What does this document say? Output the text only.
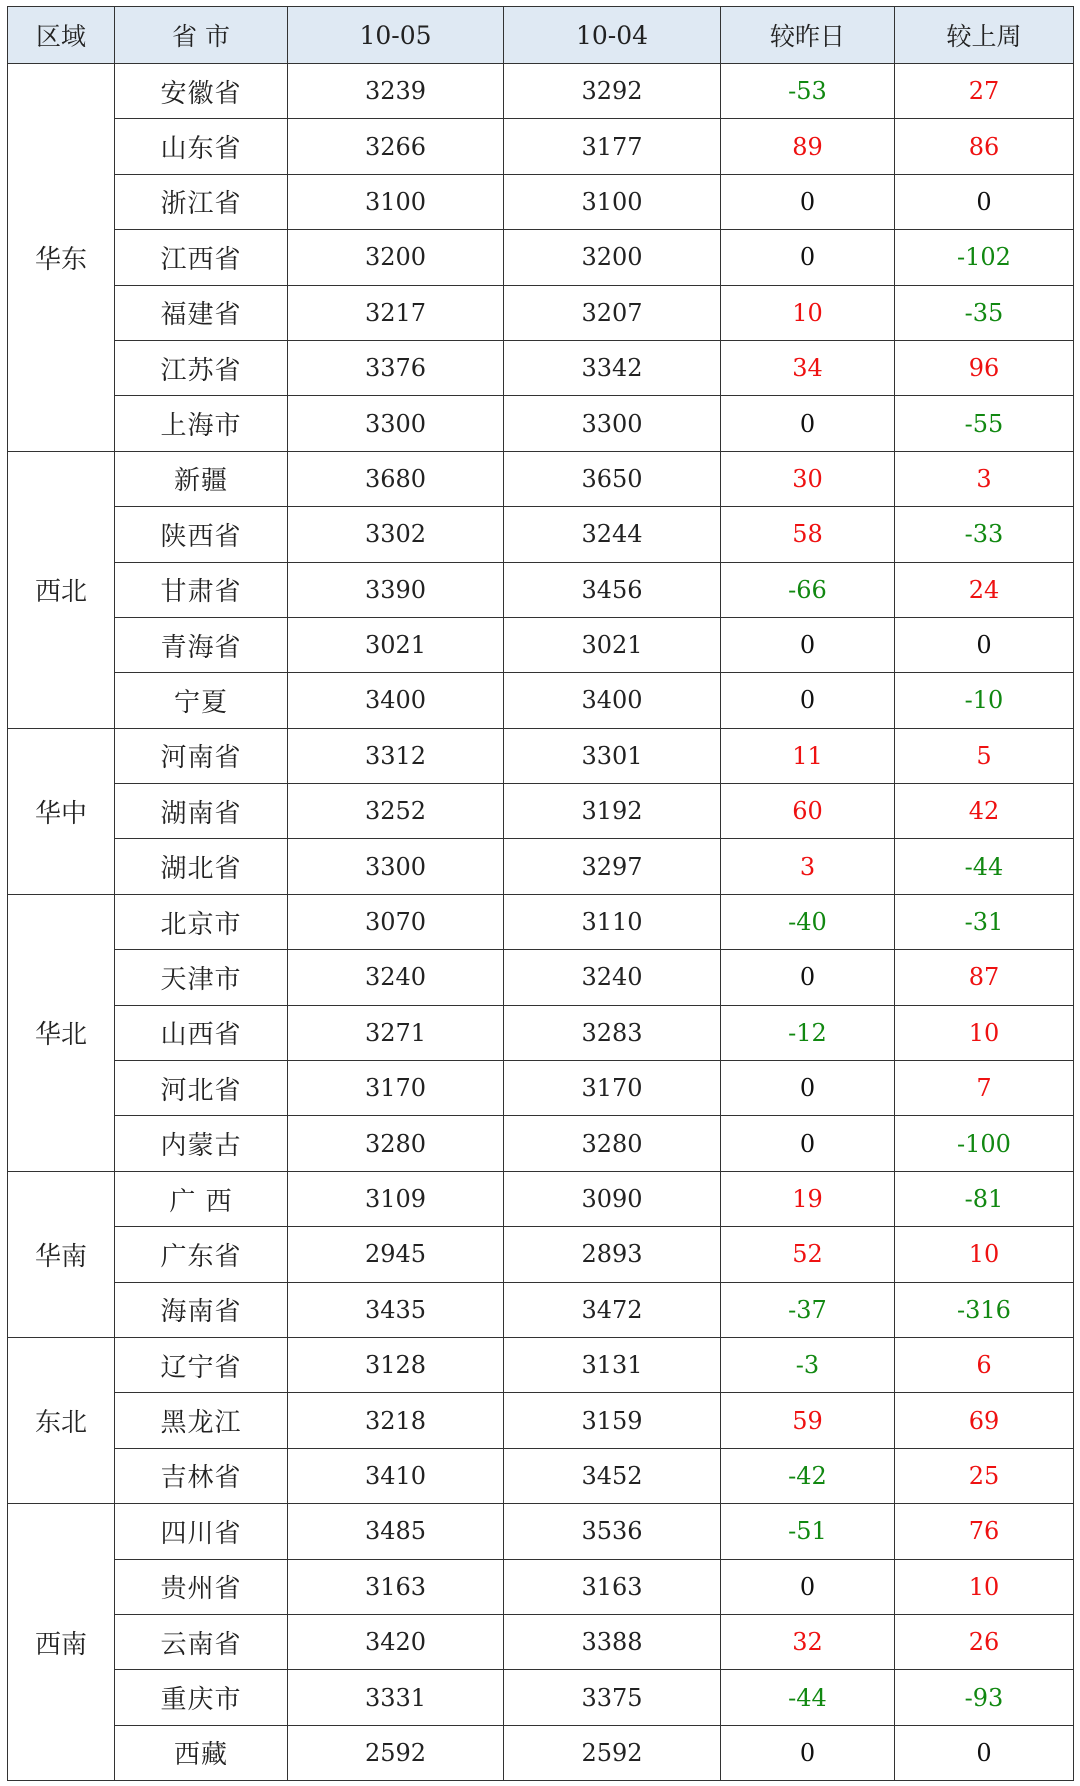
区域	省 市	10-05	10-04	较昨日	较上周
华东	安徽省	3239	3292	-53	27
	山东省	3266	3177	89	86
	浙江省	3100	3100	0	0
	江西省	3200	3200	0	-102
	福建省	3217	3207	10	-35
	江苏省	3376	3342	34	96
	上海市	3300	3300	0	-55
西北	新疆	3680	3650	30	3
	陕西省	3302	3244	58	-33
	甘肃省	3390	3456	-66	24
	青海省	3021	3021	0	0
	宁夏	3400	3400	0	-10
华中	河南省	3312	3301	11	5
	湖南省	3252	3192	60	42
	湖北省	3300	3297	3	-44
华北	北京市	3070	3110	-40	-31
	天津市	3240	3240	0	87
	山西省	3271	3283	-12	10
	河北省	3170	3170	0	7
	内蒙古	3280	3280	0	-100
华南	广 西	3109	3090	19	-81
	广东省	2945	2893	52	10
	海南省	3435	3472	-37	-316
东北	辽宁省	3128	3131	-3	6
	黑龙江	3218	3159	59	69
	吉林省	3410	3452	-42	25
西南	四川省	3485	3536	-51	76
	贵州省	3163	3163	0	10
	云南省	3420	3388	32	26
	重庆市	3331	3375	-44	-93
	西藏	2592	2592	0	0
